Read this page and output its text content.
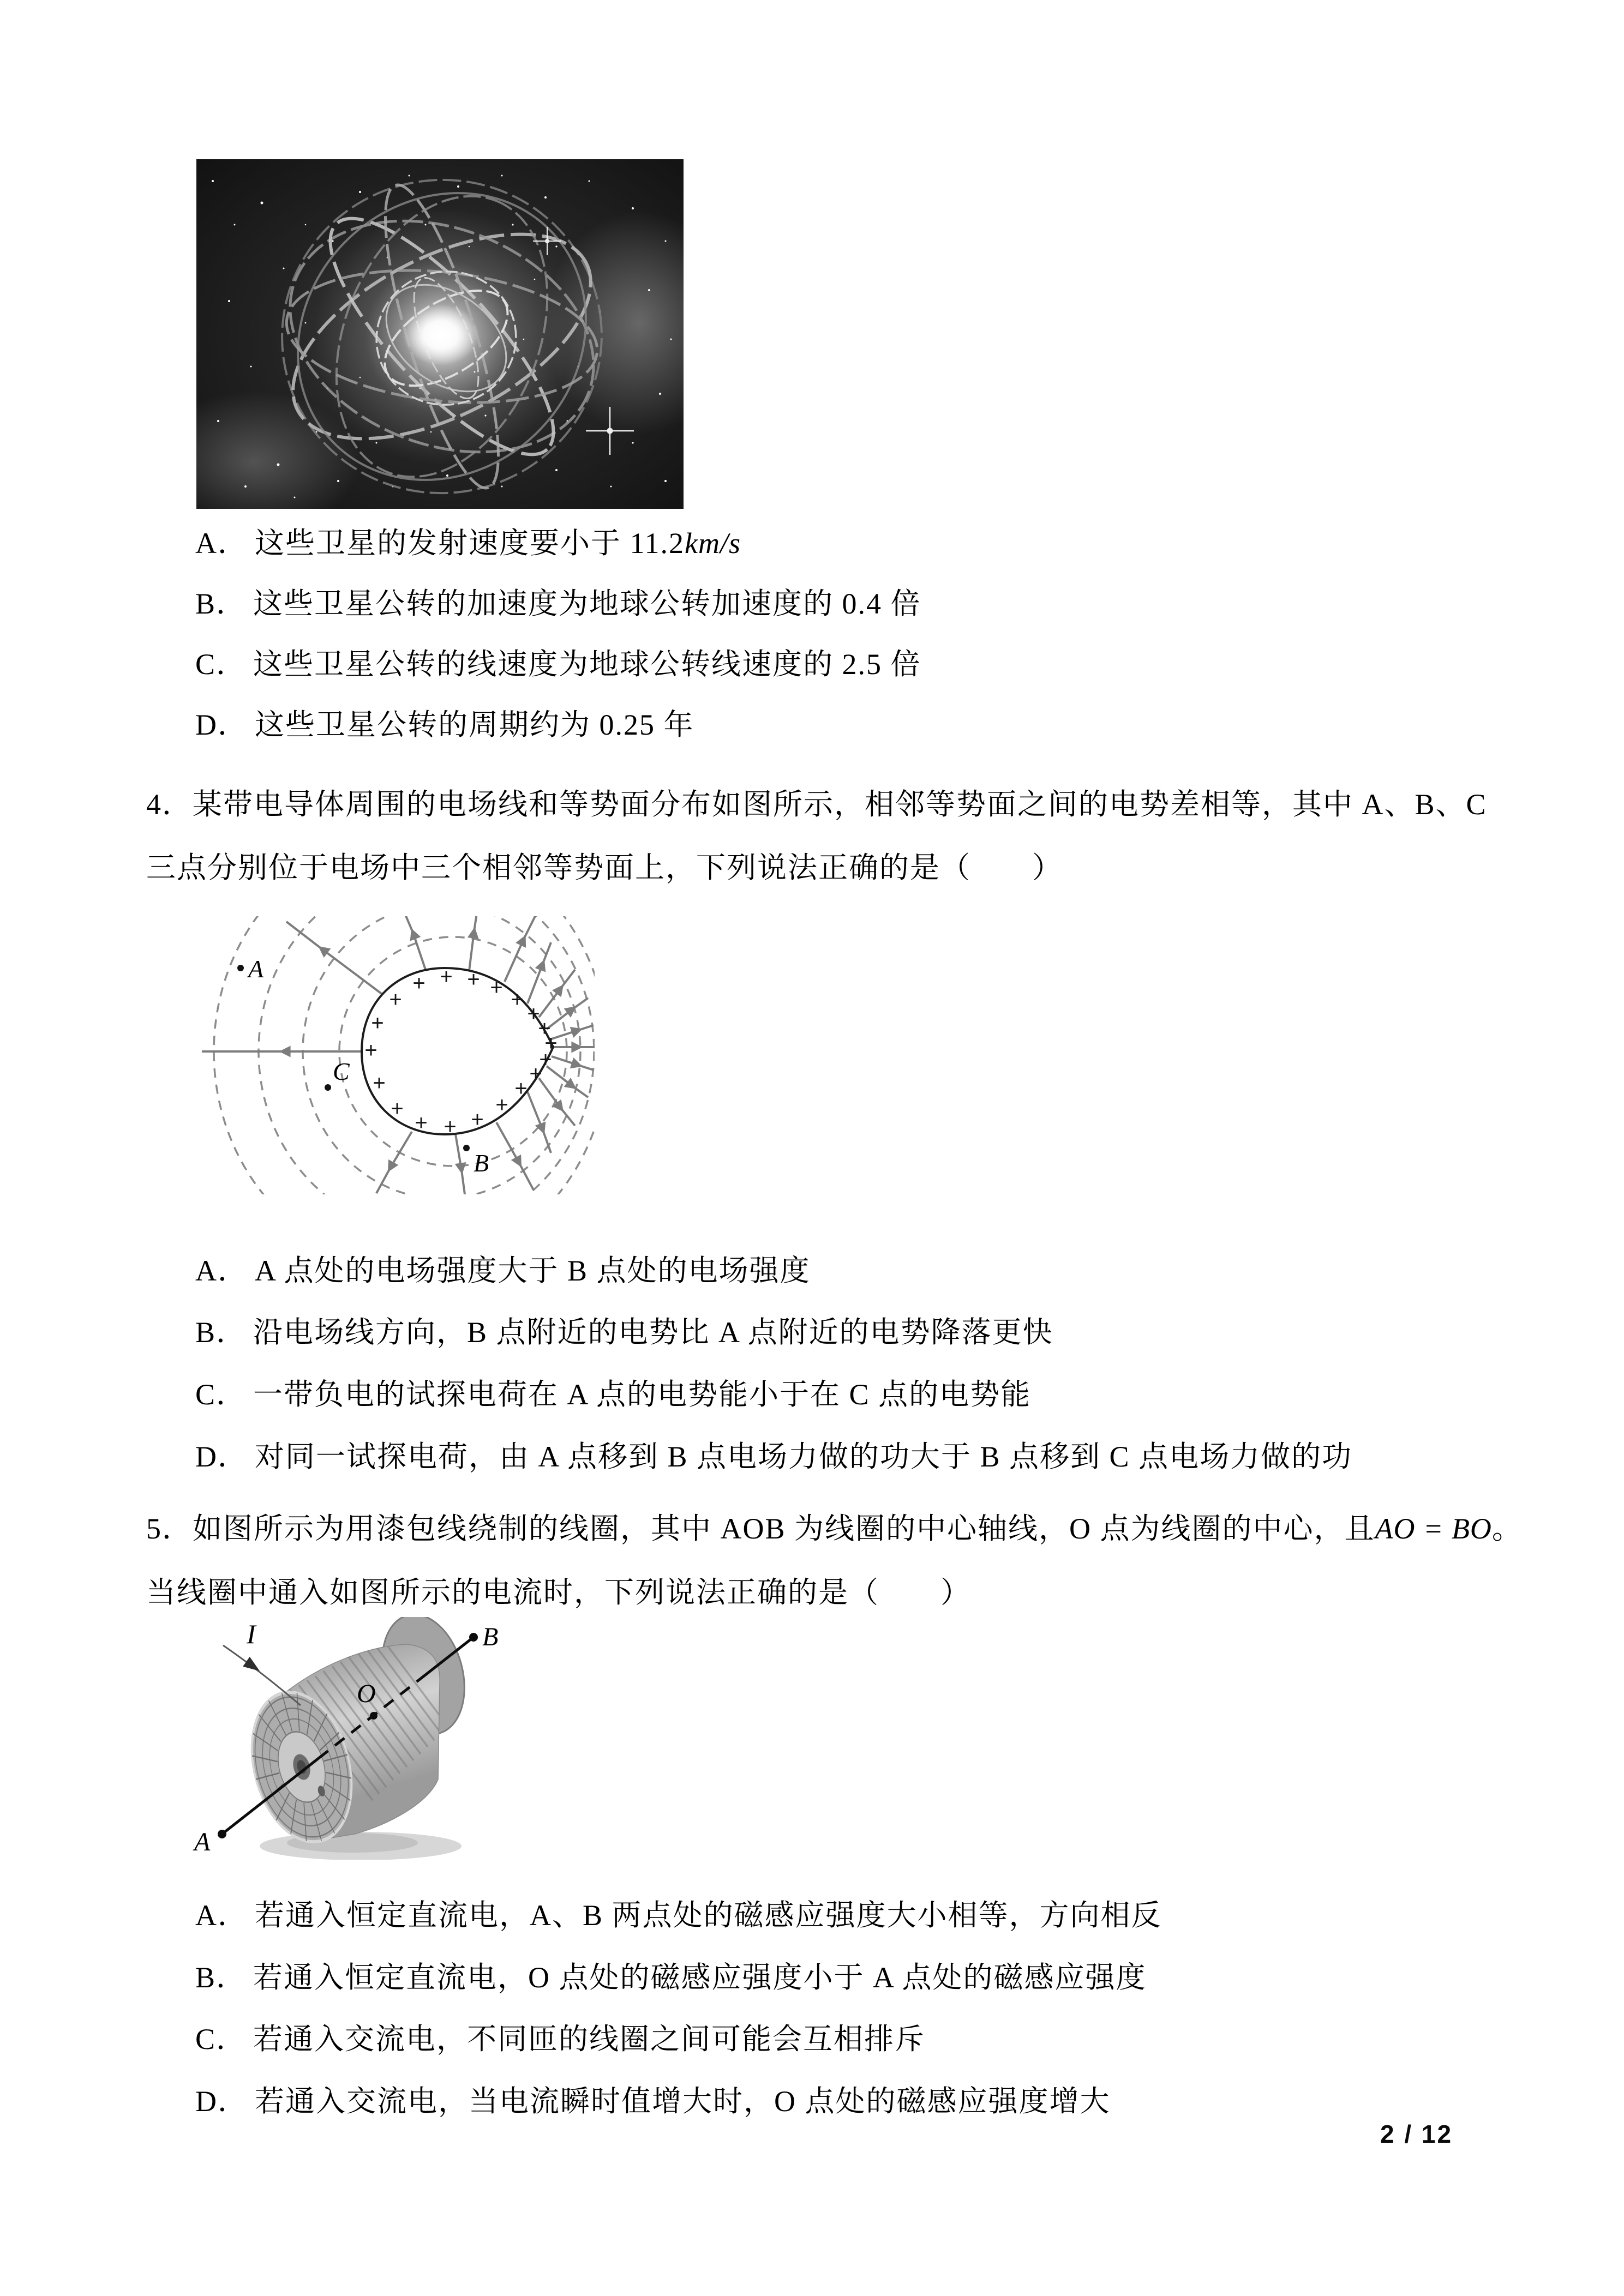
A． 这些卫星的发射速度要小于 11.2km/s
B． 这些卫星公转的加速度为地球公转加速度的 0.4 倍
C． 这些卫星公转的线速度为地球公转线速度的 2.5 倍
D． 这些卫星公转的周期约为 0.25 年
4．某带电导体周围的电场线和等势面分布如图所示，相邻等势面之间的电势差相等，其中 A、B、C
三点分别位于电场中三个相邻等势面上，下列说法正确的是（　　）
+
+
+
+ + + + +
+
+
+
+
+
+
+
+
+
+
+
+
A
C
B
A． A 点处的电场强度大于 B 点处的电场强度
B． 沿电场线方向，B 点附近的电势比 A 点附近的电势降落更快
C． 一带负电的试探电荷在 A 点的电势能小于在 C 点的电势能
D． 对同一试探电荷，由 A 点移到 B 点电场力做的功大于 B 点移到 C 点电场力做的功
5．如图所示为用漆包线绕制的线圈，其中 AOB 为线圈的中心轴线，O 点为线圈的中心，且AO = BO。
当线圈中通入如图所示的电流时，下列说法正确的是（　　）
I
A
O
B
A． 若通入恒定直流电，A、B 两点处的磁感应强度大小相等，方向相反
B． 若通入恒定直流电，O 点处的磁感应强度小于 A 点处的磁感应强度
C． 若通入交流电，不同匝的线圈之间可能会互相排斥
D． 若通入交流电，当电流瞬时值增大时，O 点处的磁感应强度增大
2 / 12
